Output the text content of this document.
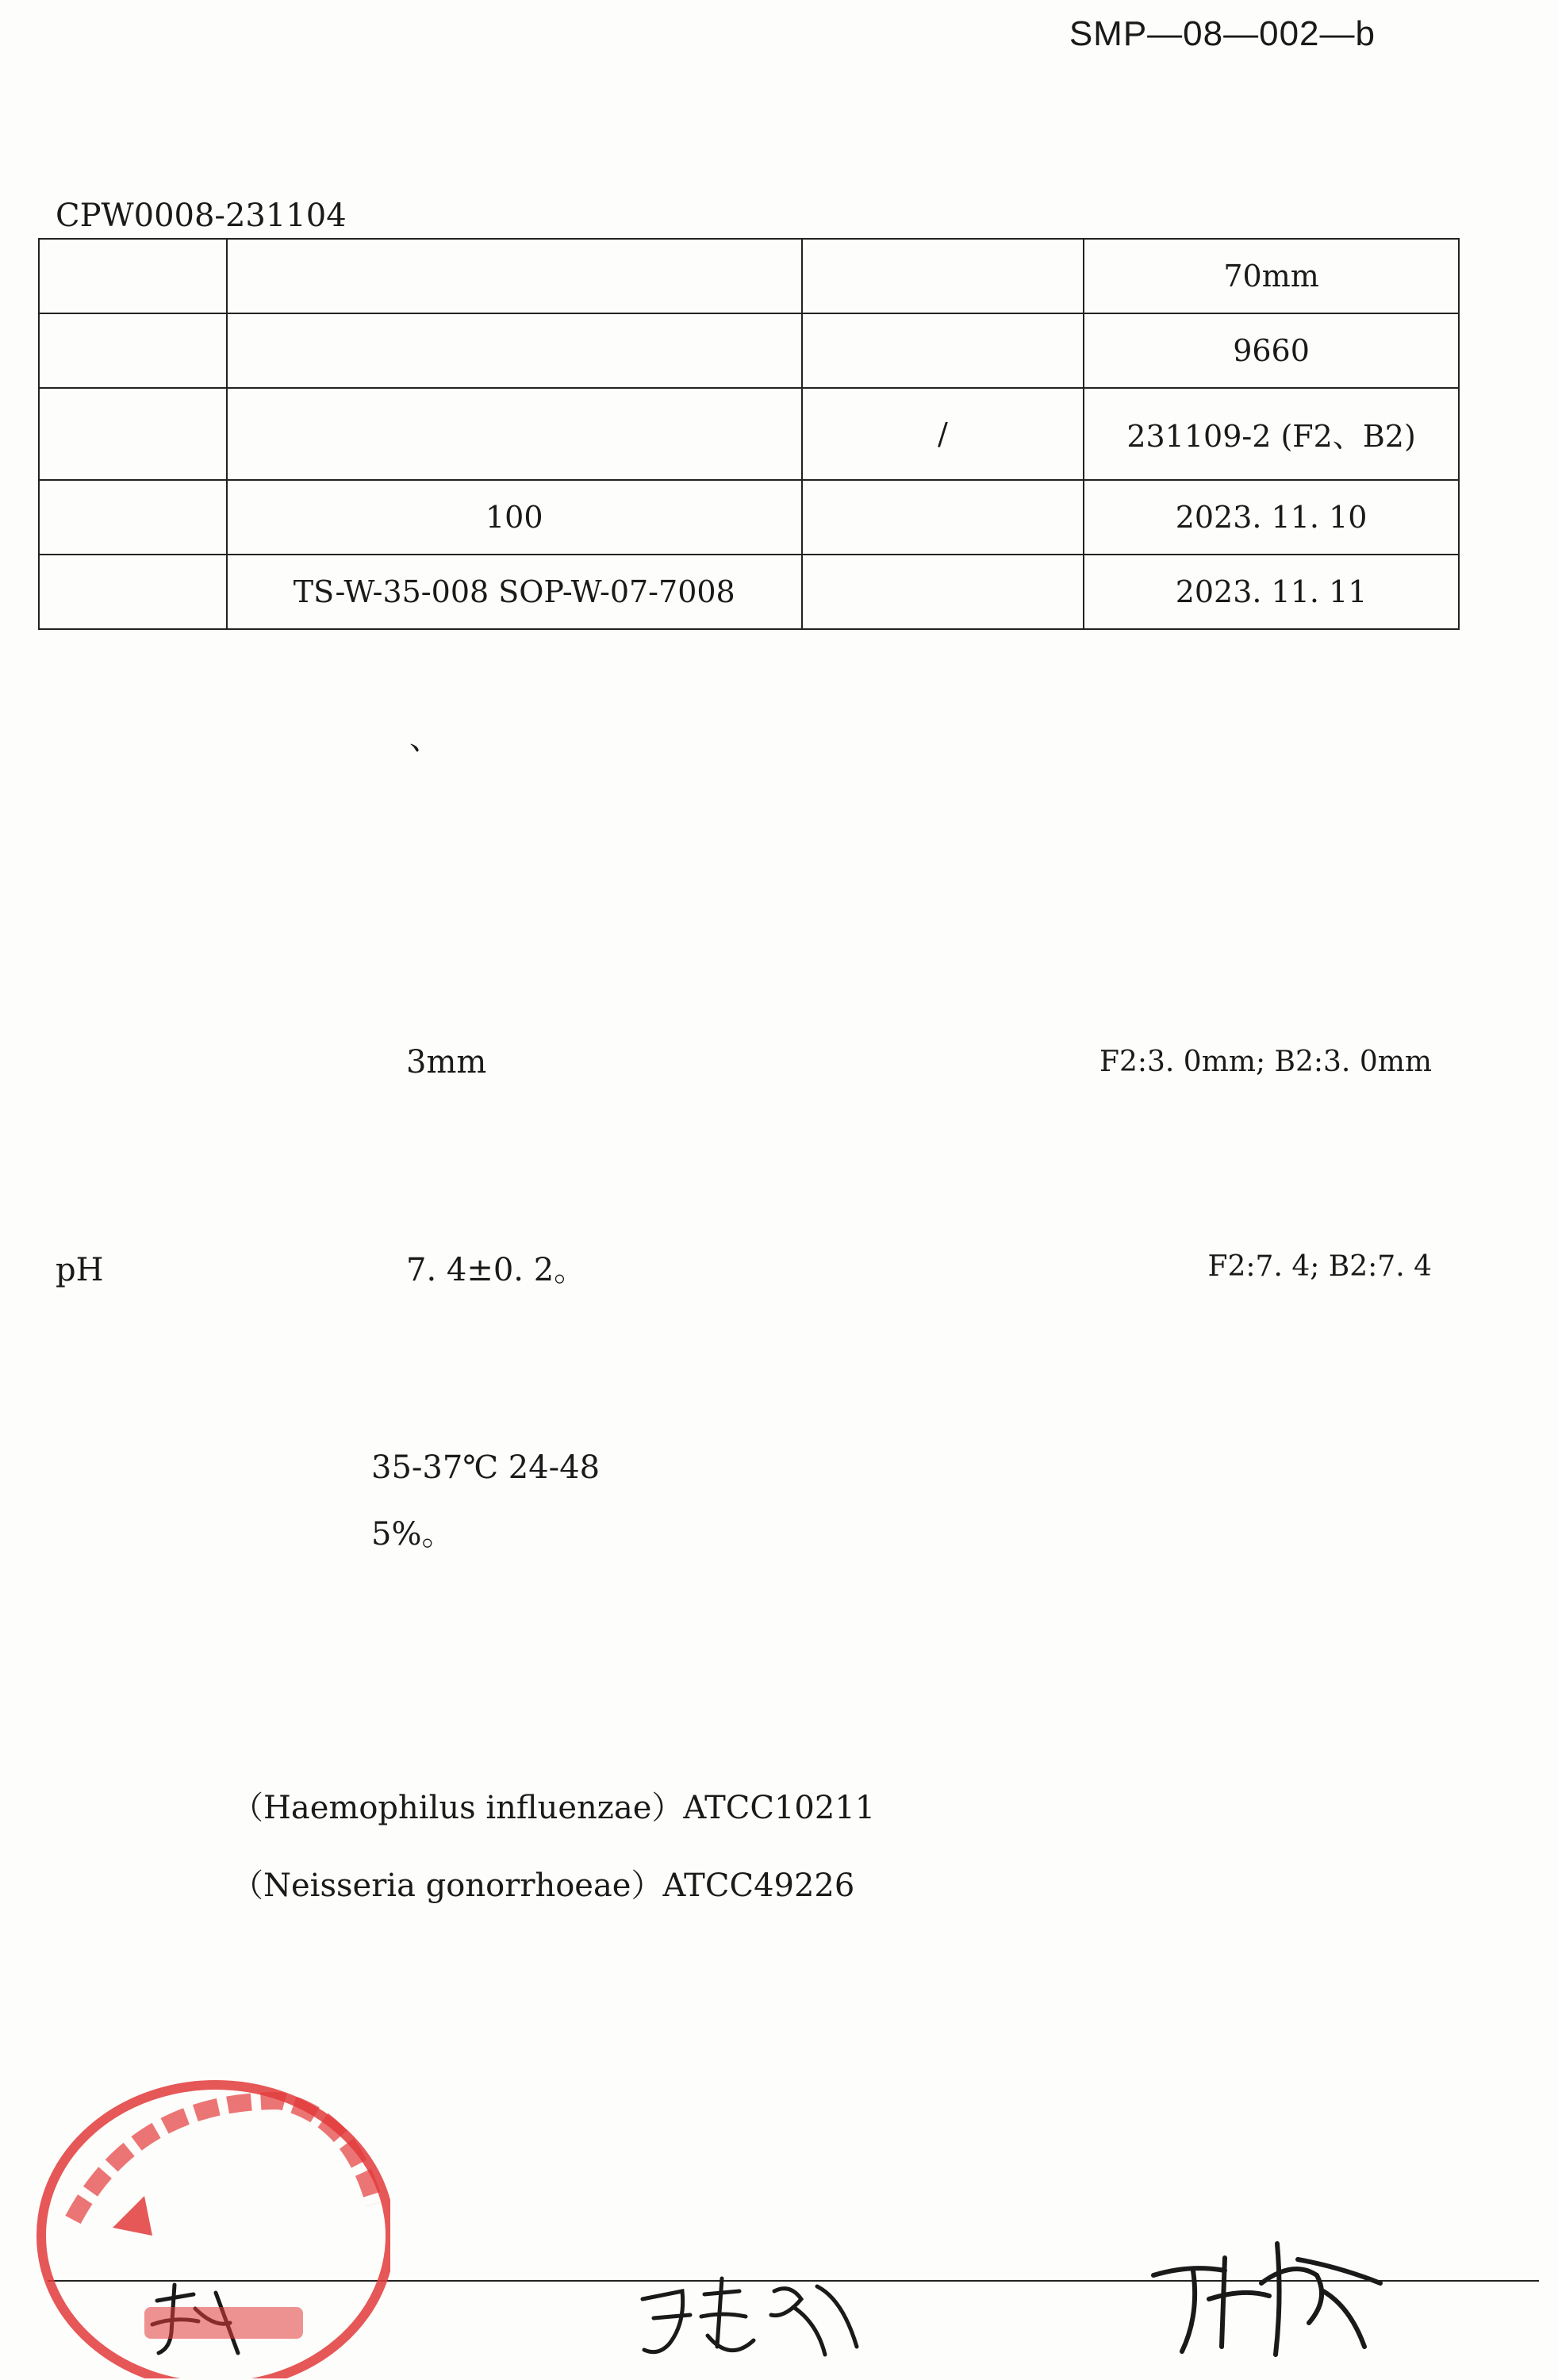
SMP—08—002—b
CPW0008-231104
			70mm
			9660
		/	231109-2 (F2、B2)
	100		2023. 11. 10
	TS-W-35-008 SOP-W-07-7008		2023. 11. 11
、
3mm	F2:3. 0mm; B2:3. 0mm
pH	7. 4±0. 2。	F2:7. 4; B2:7. 4
35-37℃ 24-48
5%。
（Haemophilus influenzae）ATCC10211
（Neisseria gonorrhoeae）ATCC49226
